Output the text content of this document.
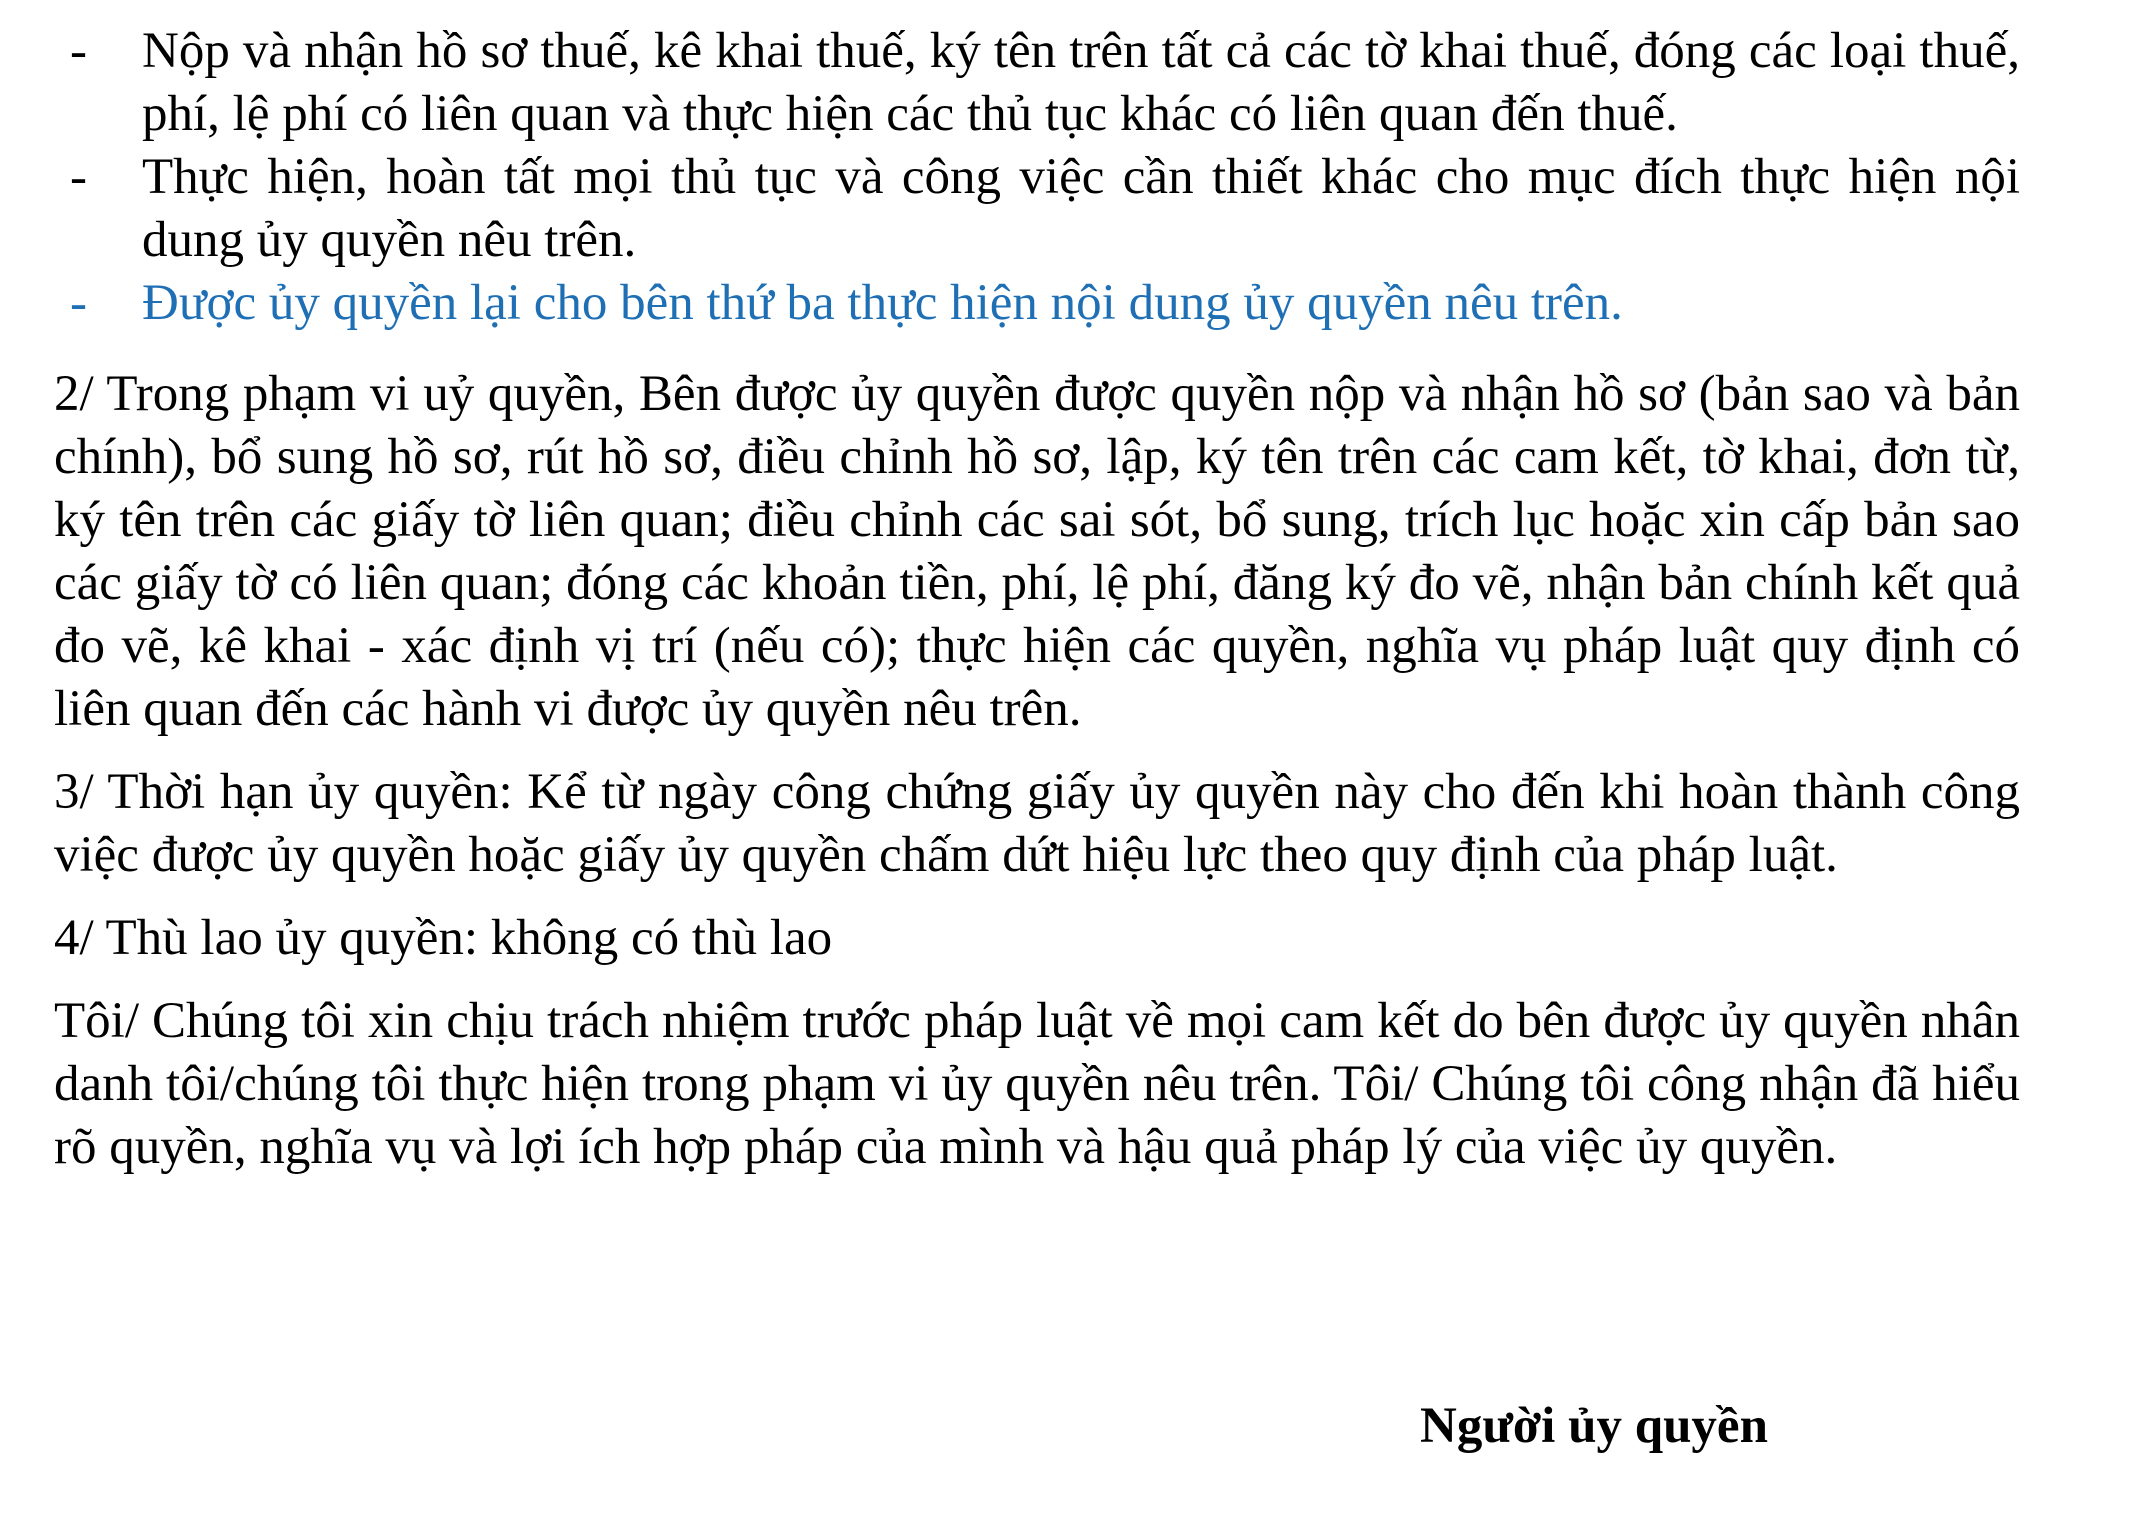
- Nộp và nhận hồ sơ thuế, kê khai thuế, ký tên trên tất cả các tờ khai thuế, đóng các loại thuế, phí, lệ phí có liên quan và thực hiện các thủ tục khác có liên quan đến thuế.
- Thực hiện, hoàn tất mọi thủ tục và công việc cần thiết khác cho mục đích thực hiện nội dung ủy quyền nêu trên.
- Được ủy quyền lại cho bên thứ ba thực hiện nội dung ủy quyền nêu trên.
2/ Trong phạm vi uỷ quyền, Bên được ủy quyền được quyền nộp và nhận hồ sơ (bản sao và bản chính), bổ sung hồ sơ, rút hồ sơ, điều chỉnh hồ sơ, lập, ký tên trên các cam kết, tờ khai, đơn từ, ký tên trên các giấy tờ liên quan; điều chỉnh các sai sót, bổ sung, trích lục hoặc xin cấp bản sao các giấy tờ có liên quan; đóng các khoản tiền, phí, lệ phí, đăng ký đo vẽ, nhận bản chính kết quả đo vẽ, kê khai - xác định vị trí (nếu có); thực hiện các quyền, nghĩa vụ pháp luật quy định có liên quan đến các hành vi được ủy quyền nêu trên.
3/ Thời hạn ủy quyền: Kể từ ngày công chứng giấy ủy quyền này cho đến khi hoàn thành công việc được ủy quyền hoặc giấy ủy quyền chấm dứt hiệu lực theo quy định của pháp luật.
4/ Thù lao ủy quyền: không có thù lao
Tôi/ Chúng tôi xin chịu trách nhiệm trước pháp luật về mọi cam kết do bên được ủy quyền nhân danh tôi/chúng tôi thực hiện trong phạm vi ủy quyền nêu trên. Tôi/ Chúng tôi công nhận đã hiểu rõ quyền, nghĩa vụ và lợi ích hợp pháp của mình và hậu quả pháp lý của việc ủy quyền.
Người ủy quyền
